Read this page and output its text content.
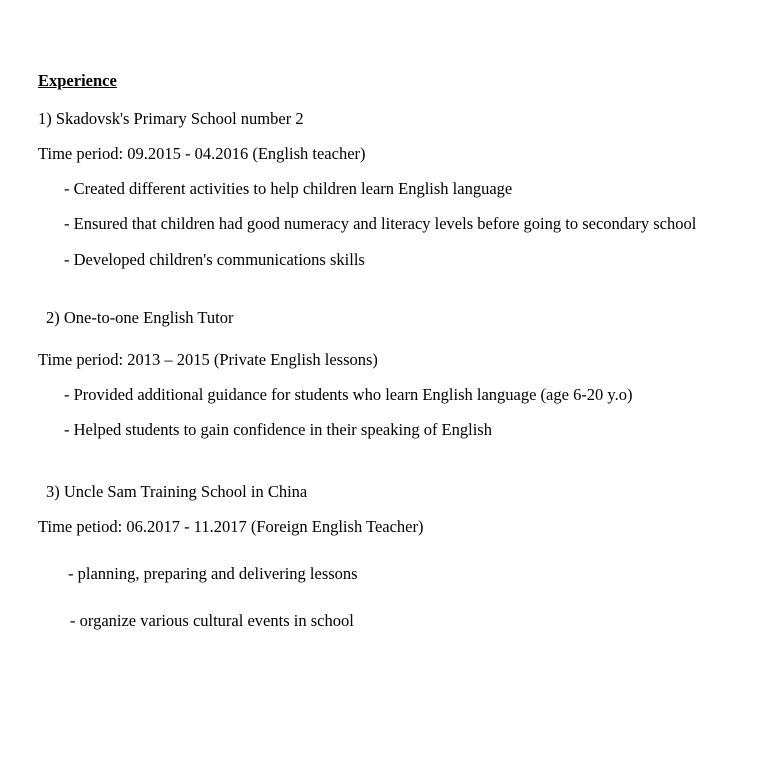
Experience

1) Skadovsk's Primary School number 2

Time period: 09.2015 - 04.2016 (English teacher)

- Created different activities to help children learn English language

- Ensured that children had good numeracy and literacy levels before going to secondary school

- Developed children's communications skills

2) One-to-one English Tutor

Time period: 2013 – 2015 (Private English lessons)

- Provided additional guidance for students who learn English language (age 6-20 y.o)

- Helped students to gain confidence in their speaking of English

3) Uncle Sam Training School in China

Time petiod: 06.2017 - 11.2017 (Foreign English Teacher)

- planning, preparing and delivering lessons

- organize various cultural events in school
